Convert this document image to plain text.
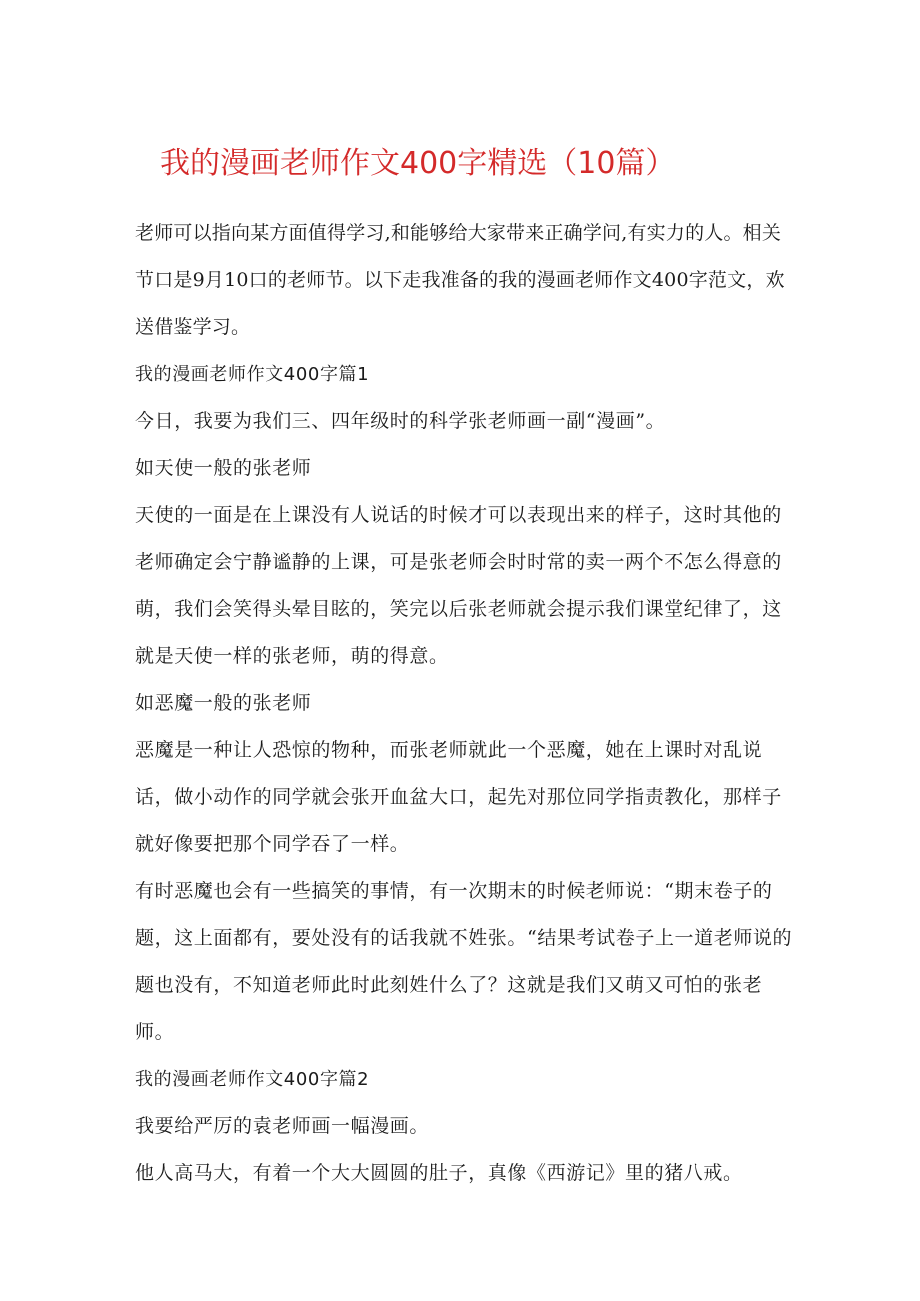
我的漫画老师作文400字精选（10篇）

老师可以指向某方面值得学习,和能够给大家带来正确学问,有实力的人。相关节口是9月10口的老师节。以下走我准备的我的漫画老师作文400字范文，欢送借鉴学习。

我的漫画老师作文400字篇1

今日，我要为我们三、四年级时的科学张老师画一副“漫画”。

如天使一般的张老师

天使的一面是在上课没有人说话的时候才可以表现出来的样子，这时其他的老师确定会宁静谧静的上课，可是张老师会时时常的卖一两个不怎么得意的萌，我们会笑得头晕目眩的，笑完以后张老师就会提示我们课堂纪律了，这就是天使一样的张老师，萌的得意。

如恶魔一般的张老师

恶魔是一种让人恐惊的物种，而张老师就此一个恶魔，她在上课时对乱说话，做小动作的同学就会张开血盆大口，起先对那位同学指责教化，那样子就好像要把那个同学吞了一样。

有时恶魔也会有一些搞笑的事情，有一次期末的时候老师说：“期末卷子的题，这上面都有，要处没有的话我就不姓张。“结果考试卷子上一道老师说的题也没有，不知道老师此时此刻姓什么了？这就是我们又萌又可怕的张老师。

我的漫画老师作文400字篇2

我要给严厉的袁老师画一幅漫画。

他人高马大，有着一个大大圆圆的肚子，真像《西游记》里的猪八戒。
